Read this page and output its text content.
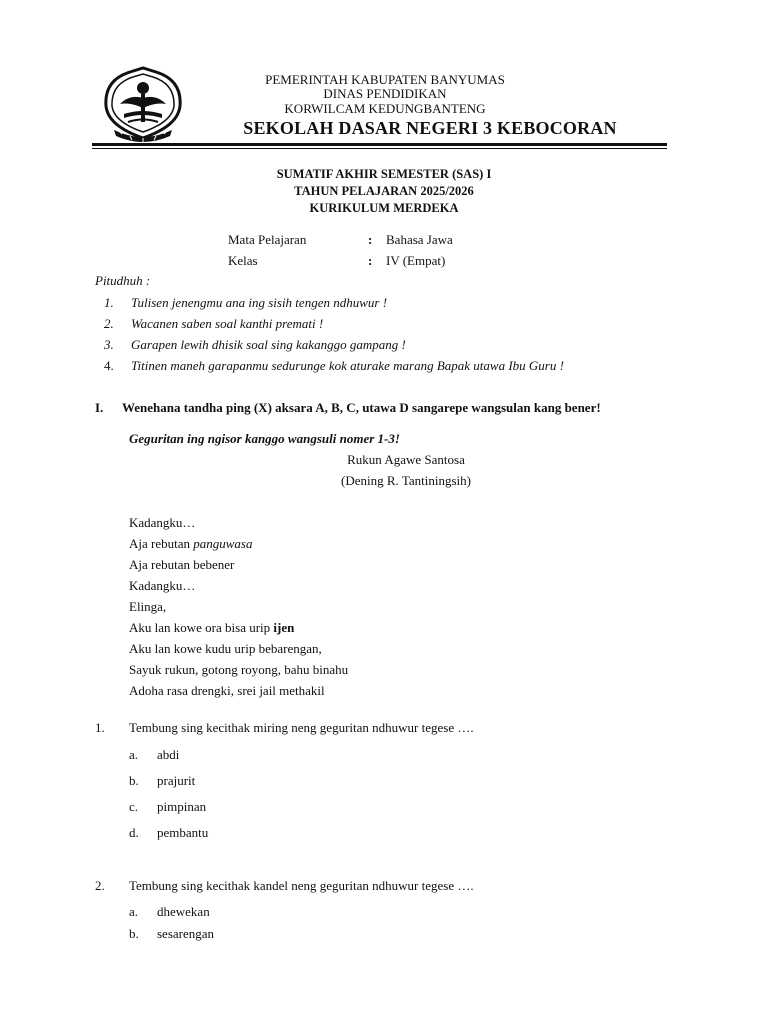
PEMERINTAH KABUPATEN BANYUMAS
DINAS PENDIDIKAN
KORWILCAM KEDUNGBANTENG
SEKOLAH DASAR NEGERI 3 KEBOCORAN
SUMATIF AKHIR SEMESTER (SAS) I
TAHUN PELAJARAN 2025/2026
KURIKULUM MERDEKA
Mata Pelajaran	: Bahasa Jawa
Kelas	: IV (Empat)
Pitudhuh :
1. Tulisen jenengmu ana ing sisih tengen ndhuwur !
2. Wacanen saben soal kanthi premati !
3. Garapen lewih dhisik soal sing kakanggo gampang !
4. Titinen maneh garapanmu sedurunge kok aturake marang Bapak utawa Ibu Guru !
I. Wenehana tandha ping (X) aksara A, B, C, utawa D sangarepe wangsulan kang bener!
Geguritan ing ngisor kanggo wangsuli nomer 1-3!
Rukun Agawe Santosa
(Dening R. Tantiningsih)
Kadangku…
Aja rebutan panguwasa
Aja rebutan bebener
Kadangku…
Elinga,
Aku lan kowe ora bisa urip ijen
Aku lan kowe kudu urip bebarengan,
Sayuk rukun, gotong royong, bahu binahu
Adoha rasa drengki, srei jail methakil
1. Tembung sing kecithak miring neng geguritan ndhuwur tegese ….
a. abdi
b. prajurit
c. pimpinan
d. pembantu
2. Tembung sing kecithak kandel neng geguritan ndhuwur tegese ….
a. dhewekan
b. sesarengan
